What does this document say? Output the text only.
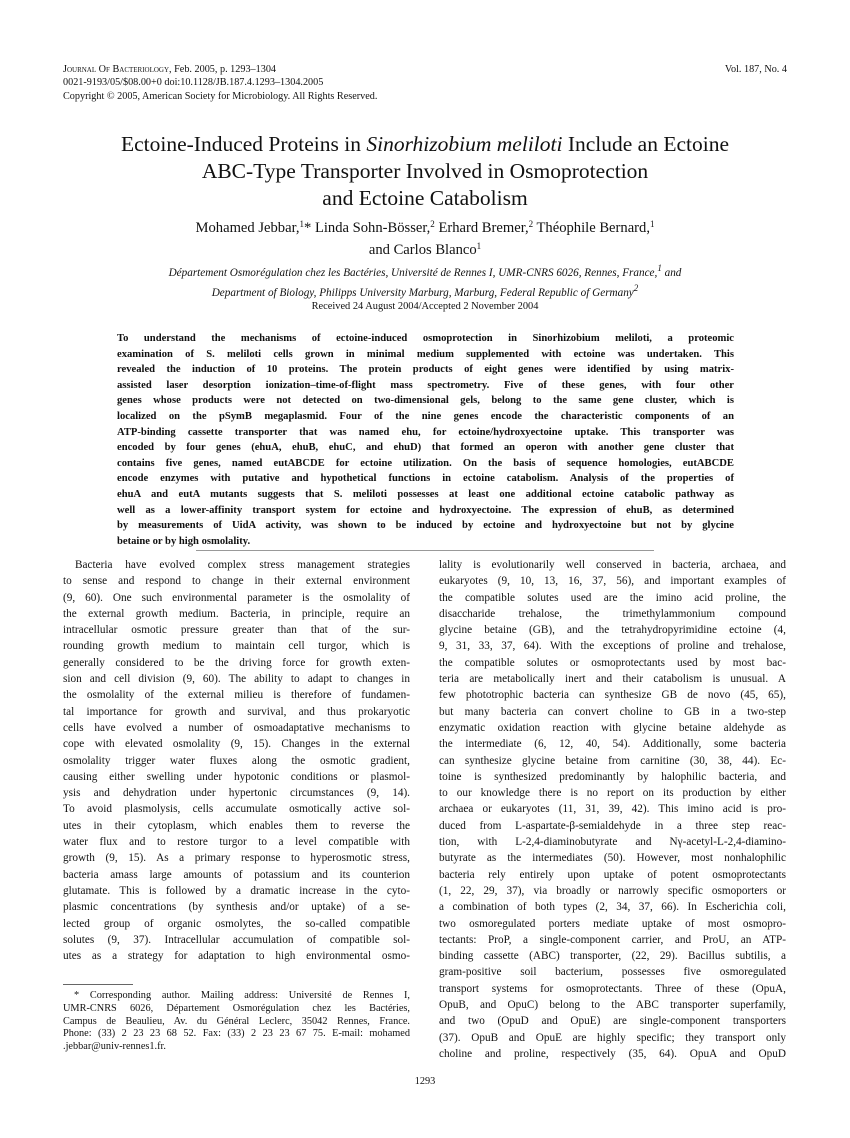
Journal Of Bacteriology, Feb. 2005, p. 1293–1304
0021-9193/05/$08.00+0 doi:10.1128/JB.187.4.1293–1304.2005
Copyright © 2005, American Society for Microbiology. All Rights Reserved.
Vol. 187, No. 4
Ectoine-Induced Proteins in Sinorhizobium meliloti Include an Ectoine
ABC-Type Transporter Involved in Osmoprotection
and Ectoine Catabolism
Mohamed Jebbar,$^1$* Linda Sohn-Bösser,$^2$ Erhard Bremer,$^2$ Théophile Bernard,$^1$
and Carlos Blanco$^1$
Département Osmorégulation chez les Bactéries, Université de Rennes I, UMR-CNRS 6026, Rennes, France,$^1$ and
Department of Biology, Philipps University Marburg, Marburg, Federal Republic of Germany$^2$
Received 24 August 2004/Accepted 2 November 2004
To understand the mechanisms of ectoine-induced osmoprotection in Sinorhizobium meliloti, a proteomic
examination of S. meliloti cells grown in minimal medium supplemented with ectoine was undertaken. This
revealed the induction of 10 proteins. The protein products of eight genes were identified by using matrix-
assisted laser desorption ionization–time-of-flight mass spectrometry. Five of these genes, with four other
genes whose products were not detected on two-dimensional gels, belong to the same gene cluster, which is
localized on the pSymB megaplasmid. Four of the nine genes encode the characteristic components of an
ATP-binding cassette transporter that was named ehu, for ectoine/hydroxyectoine uptake. This transporter was
encoded by four genes (ehuA, ehuB, ehuC, and ehuD) that formed an operon with another gene cluster that
contains five genes, named eutABCDE for ectoine utilization. On the basis of sequence homologies, eutABCDE
encode enzymes with putative and hypothetical functions in ectoine catabolism. Analysis of the properties of
ehuA and eutA mutants suggests that S. meliloti possesses at least one additional ectoine catabolic pathway as
well as a lower-affinity transport system for ectoine and hydroxyectoine. The expression of ehuB, as determined
by measurements of UidA activity, was shown to be induced by ectoine and hydroxyectoine but not by glycine
betaine or by high osmolality.
Bacteria have evolved complex stress management strategies
to sense and respond to change in their external environment
(9, 60). One such environmental parameter is the osmolality of
the external growth medium. Bacteria, in principle, require an
intracellular osmotic pressure greater than that of the sur-
rounding growth medium to maintain cell turgor, which is
generally considered to be the driving force for growth exten-
sion and cell division (9, 60). The ability to adapt to changes in
the osmolality of the external milieu is therefore of fundamen-
tal importance for growth and survival, and thus prokaryotic
cells have evolved a number of osmoadaptative mechanisms to
cope with elevated osmolality (9, 15). Changes in the external
osmolality trigger water fluxes along the osmotic gradient,
causing either swelling under hypotonic conditions or plasmol-
ysis and dehydration under hypertonic circumstances (9, 14).
To avoid plasmolysis, cells accumulate osmotically active sol-
utes in their cytoplasm, which enables them to reverse the
water flux and to restore turgor to a level compatible with
growth (9, 15). As a primary response to hyperosmotic stress,
bacteria amass large amounts of potassium and its counterion
glutamate. This is followed by a dramatic increase in the cyto-
plasmic concentrations (by synthesis and/or uptake) of a se-
lected group of organic osmolytes, the so-called compatible
solutes (9, 37). Intracellular accumulation of compatible sol-
utes as a strategy for adaptation to high environmental osmo-
lality is evolutionarily well conserved in bacteria, archaea, and
eukaryotes (9, 10, 13, 16, 37, 56), and important examples of
the compatible solutes used are the imino acid proline, the
disaccharide trehalose, the trimethylammonium compound
glycine betaine (GB), and the tetrahydropyrimidine ectoine (4,
9, 31, 33, 37, 64). With the exceptions of proline and trehalose,
the compatible solutes or osmoprotectants used by most bac-
teria are metabolically inert and their catabolism is unusual. A
few phototrophic bacteria can synthesize GB de novo (45, 65),
but many bacteria can convert choline to GB in a two-step
enzymatic oxidation reaction with glycine betaine aldehyde as
the intermediate (6, 12, 40, 54). Additionally, some bacteria
can synthesize glycine betaine from carnitine (30, 38, 44). Ec-
toine is synthesized predominantly by halophilic bacteria, and
to our knowledge there is no report on its production by either
archaea or eukaryotes (11, 31, 39, 42). This imino acid is pro-
duced from L-aspartate-β-semialdehyde in a three step reac-
tion, with L-2,4-diaminobutyrate and Nγ-acetyl-L-2,4-diamino-
butyrate as the intermediates (50). However, most nonhalophilic
bacteria rely entirely upon uptake of potent osmoprotectants
(1, 22, 29, 37), via broadly or narrowly specific osmoporters or
a combination of both types (2, 34, 37, 66). In Escherichia coli,
two osmoregulated porters mediate uptake of most osmopro-
tectants: ProP, a single-component carrier, and ProU, an ATP-
binding cassette (ABC) transporter, (22, 29). Bacillus subtilis, a
gram-positive soil bacterium, possesses five osmoregulated
transport systems for osmoprotectants. Three of these (OpuA,
OpuB, and OpuC) belong to the ABC transporter superfamily,
and two (OpuD and OpuE) are single-component transporters
(37). OpuB and OpuE are highly specific; they transport only
choline and proline, respectively (35, 64). OpuA and OpuD
* Corresponding author. Mailing address: Université de Rennes I,
UMR-CNRS 6026, Département Osmorégulation chez les Bactéries,
Campus de Beaulieu, Av. du Général Leclerc, 35042 Rennes, France.
Phone: (33) 2 23 23 68 52. Fax: (33) 2 23 23 67 75. E-mail: mohamed
.jebbar@univ-rennes1.fr.
1293
